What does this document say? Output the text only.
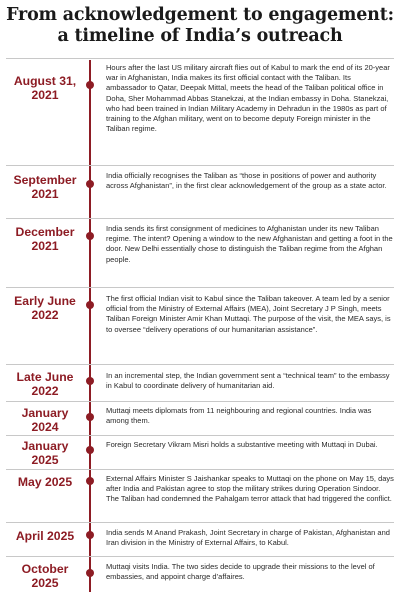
From acknowledgement to engagement:
a timeline of India’s outreach
August 31,
2021
Hours after the last US military aircraft flies out of Kabul to mark the end of its 20-year war in Afghanistan, India makes its first official contact with the Taliban. Its ambassador to Qatar, Deepak Mittal, meets the head of the Taliban political office in Doha, Sher Mohammad Abbas Stanekzai, at the Indian embassy in Doha. Stanekzai, who had been trained in Indian Military Academy in Dehradun in the 1980s as part of training to the Afghan military, went on to become deputy Foreign minister in the Taliban regime.
September
2021
India officially recognises the Taliban as “those in positions of power and authority across Afghanistan”, in the first clear acknowledgement of the group as a state actor.
December
2021
India sends its first consignment of medicines to Afghanistan under its new Taliban regime. The intent? Opening a window to the new Afghanistan and getting a foot in the door. New Delhi essentially chose to distinguish the Taliban regime from the Afghan people.
Early June
2022
The first official Indian visit to Kabul since the Taliban takeover. A team led by a senior official from the Ministry of External Affairs (MEA), Joint Secretary J P Singh, meets Taliban Foreign Minister Amir Khan Muttaqi. The purpose of the visit, the MEA says, is to oversee “delivery operations of our humanitarian assistance”.
Late June
2022
In an incremental step, the Indian government sent a “technical team” to the embassy in Kabul to coordinate delivery of humanitarian aid.
January
2024
Muttaqi meets diplomats from 11 neighbouring and regional countries. India was among them.
January
2025
Foreign Secretary Vikram Misri holds a substantive meeting with Muttaqi in Dubai.
May 2025	External Affairs Minister S Jaishankar speaks to Muttaqi on the phone on May 15, days after India and Pakistan agree to stop the military strikes during Operation Sindoor. The Taliban had condemned the Pahalgam terror attack that had triggered the conflict.
April 2025	India sends M Anand Prakash, Joint Secretary in charge of Pakistan, Afghanistan and Iran division in the Ministry of External Affairs, to Kabul.
October
2025
Muttaqi visits India. The two sides decide to upgrade their missions to the level of embassies, and appoint charge d’affaires.
